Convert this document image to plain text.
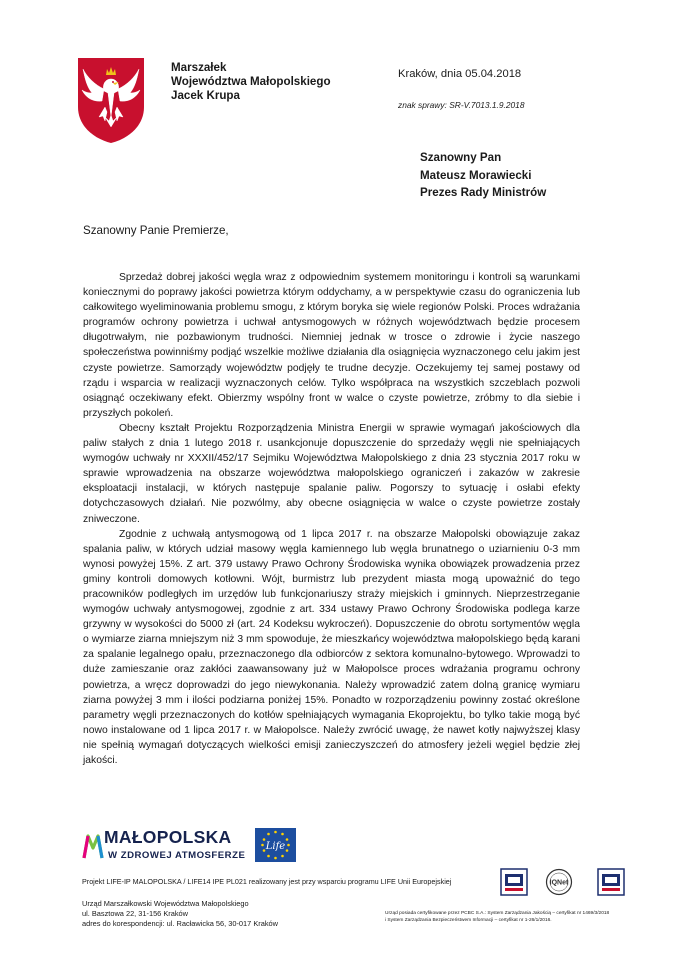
Marszałek
Województwa Małopolskiego
Jacek Krupa
Kraków, dnia 05.04.2018
znak sprawy: SR-V.7013.1.9.2018
Szanowny Pan
Mateusz Morawiecki
Prezes Rady Ministrów
Szanowny Panie Premierze,

Sprzedaż dobrej jakości węgla wraz z odpowiednim systemem monitoringu i kontroli są warunkami koniecznymi do poprawy jakości powietrza którym oddychamy, a w perspektywie czasu do ograniczenia lub całkowitego wyeliminowania problemu smogu, z którym boryka się wiele regionów Polski. Proces wdrażania programów ochrony powietrza i uchwał antysmogowych w różnych województwach będzie procesem długotrwałym, nie pozbawionym trudności. Niemniej jednak w trosce o zdrowie i życie naszego społeczeństwa powinniśmy podjąć wszelkie możliwe działania dla osiągnięcia wyznaczonego celu jakim jest czyste powietrze. Samorządy województw podjęły te trudne decyzje. Oczekujemy tej samej postawy od rządu i wsparcia w realizacji wyznaczonych celów. Tylko współpraca na wszystkich szczeblach pozwoli osiągnąć oczekiwany efekt. Obierzmy wspólny front w walce o czyste powietrze, zróbmy to dla siebie i przyszłych pokoleń.

Obecny kształt Projektu Rozporządzenia Ministra Energii w sprawie wymagań jakościowych dla paliw stałych z dnia 1 lutego 2018 r. usankcjonuje dopuszczenie do sprzedaży węgli nie spełniających wymogów uchwały nr XXXII/452/17 Sejmiku Województwa Małopolskiego z dnia 23 stycznia 2017 roku w sprawie wprowadzenia na obszarze województwa małopolskiego ograniczeń i zakazów w zakresie eksploatacji instalacji, w których następuje spalanie paliw. Pogorszy to sytuację i osłabi efekty dotychczasowych działań. Nie pozwólmy, aby obecne osiągnięcia w walce o czyste powietrze zostały zniweczone.

Zgodnie z uchwałą antysmogową od 1 lipca 2017 r. na obszarze Małopolski obowiązuje zakaz spalania paliw, w których udział masowy węgla kamiennego lub węgla brunatnego o uziarnieniu 0-3 mm wynosi powyżej 15%. Z art. 379 ustawy Prawo Ochrony Środowiska wynika obowiązek prowadzenia przez gminy kontroli domowych kotłowni. Wójt, burmistrz lub prezydent miasta mogą upoważnić do tego pracowników podległych im urzędów lub funkcjonariuszy straży miejskich i gminnych. Nieprzestrzeganie wymogów uchwały antysmogowej, zgodnie z art. 334 ustawy Prawo Ochrony Środowiska podlega karze grzywny w wysokości do 5000 zł (art. 24 Kodeksu wykroczeń). Dopuszczenie do obrotu sortymentów węgla o wymiarze ziarna mniejszym niż 3 mm spowoduje, że mieszkańcy województwa małopolskiego będą karani za spalanie legalnego opału, przeznaczonego dla odbiorców z sektora komunalno-bytowego. Wprowadzi to duże zamieszanie oraz zakłóci zaawansowany już w Małopolsce proces wdrażania programu ochrony powietrza, a wręcz doprowadzi do jego niewykonania. Należy wprowadzić zatem dolną granicę wymiaru ziarna powyżej 3 mm i ilości podziarna poniżej 15%. Ponadto w rozporządzeniu powinny zostać określone parametry węgli przeznaczonych do kotłów spełniających wymagania Ekoprojektu, bo tylko takie mogą być nowo instalowane od 1 lipca 2017 r. w Małopolsce. Należy zwrócić uwagę, że nawet kotły najwyższej klasy nie spełnią wymagań dotyczących wielkości emisji zanieczyszczeń do atmosfery jeżeli węgiel będzie złej jakości.

MAŁOPOLSKA
W ZDROWEJ ATMOSFERZE
Life
Projekt LIFE-IP MALOPOLSKA / LIFE14 IPE PL021 realizowany jest przy wsparciu programu LIFE Unii Europejskiej
Urząd Marszałkowski Województwa Małopolskiego
ul. Basztowa 22, 31-156 Kraków
adres do korespondencji: ul. Racławicka 56, 30-017 Kraków
IQNet
Urząd posiada certyfikowane przez PCBC S.A.: System Zarządzania Jakością – certyfikat nr 1469/3/2018
i System Zarządzania Bezpieczeństwem Informacji – certyfikat nr 1-26/1/2016.
